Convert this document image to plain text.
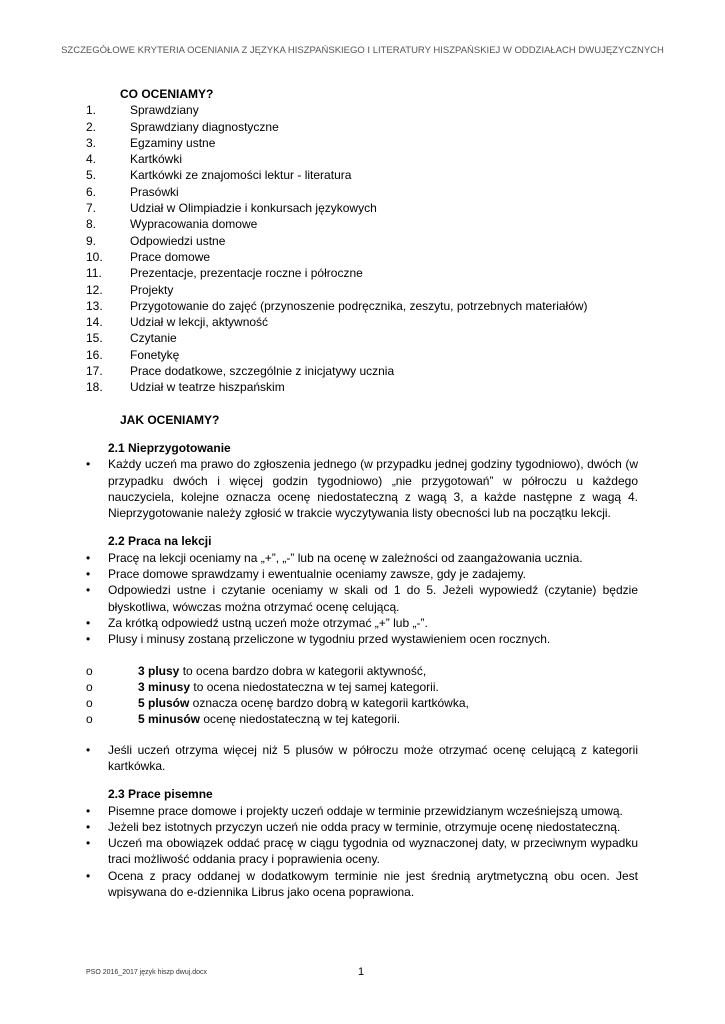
SZCZEGÓŁOWE KRYTERIA OCENIANIA Z JĘZYKA HISZPAŃSKIEGO I LITERATURY HISZPAŃSKIEJ W ODDZIAŁACH DWUJĘZYCZNYCH
CO OCENIAMY?
1.	Sprawdziany
2.	Sprawdziany diagnostyczne
3.	Egzaminy ustne
4.	Kartkówki
5.	Kartkówki ze znajomości lektur - literatura
6.	Prasówki
7.	Udział w Olimpiadzie i konkursach językowych
8.	Wypracowania domowe
9.	Odpowiedzi ustne
10.	Prace domowe
11.	Prezentacje, prezentacje roczne i półroczne
12.	Projekty
13.	Przygotowanie do zajęć (przynoszenie podręcznika, zeszytu, potrzebnych materiałów)
14.	Udział w lekcji, aktywność
15.	Czytanie
16.	Fonetykę
17.	Prace dodatkowe, szczególnie z inicjatywy ucznia
18.	Udział w teatrze hiszpańskim
JAK OCENIAMY?
2.1 Nieprzygotowanie
•	Każdy uczeń ma prawo do zgłoszenia jednego (w przypadku jednej godziny tygodniowo), dwóch (w przypadku dwóch i więcej godzin tygodniowo) „nie przygotowań” w półroczu u każdego nauczyciela, kolejne oznacza ocenę niedostateczną z wagą 3, a każde następne z wagą 4. Nieprzygotowanie należy zgłosić w trakcie wyczytywania listy obecności lub na początku lekcji.
2.2 Praca na lekcji
•	Pracę na lekcji oceniamy na „+”, „-” lub na ocenę w zależności od zaangażowania ucznia.
•	Prace domowe sprawdzamy i ewentualnie oceniamy zawsze, gdy je zadajemy.
•	Odpowiedzi ustne i czytanie oceniamy w skali od 1 do 5. Jeżeli wypowiedź (czytanie) będzie błyskotliwa, wówczas można otrzymać ocenę celującą.
•	Za krótką odpowiedź ustną uczeń może otrzymać „+” lub „-”.
•	Plusy i minusy zostaną przeliczone w tygodniu przed wystawieniem ocen rocznych.
o	3 plusy to ocena bardzo dobra w kategorii aktywność,
o	3 minusy to ocena niedostateczna w tej samej kategorii.
o	5 plusów oznacza ocenę bardzo dobrą w kategorii kartkówka,
o	5 minusów ocenę niedostateczną w tej kategorii.
•	Jeśli uczeń otrzyma więcej niż 5 plusów w półroczu może otrzymać ocenę celującą z kategorii kartkówka.
2.3 Prace pisemne
•	Pisemne prace domowe i projekty uczeń oddaje w terminie przewidzianym wcześniejszą umową.
•	Jeżeli bez istotnych przyczyn uczeń nie odda pracy w terminie, otrzymuje ocenę niedostateczną.
•	Uczeń ma obowiązek oddać pracę w ciągu tygodnia od wyznaczonej daty, w przeciwnym wypadku traci możliwość oddania pracy i poprawienia oceny.
•	Ocena z pracy oddanej w dodatkowym terminie nie jest średnią arytmetyczną obu ocen. Jest wpisywana do e-dziennika Librus jako ocena poprawiona.
PSO 2016_2017 język hiszp dwuj.docx	1
